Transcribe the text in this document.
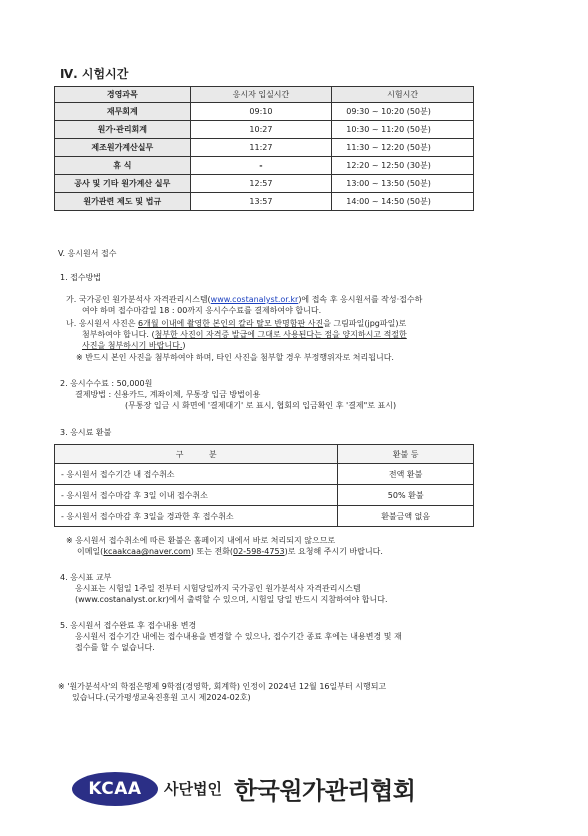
Ⅳ. 시험시간
경영과목	응시자 입실시간	시험시간
재무회계	09:10	09:30 ~ 10:20 (50분)
원가·관리회계	10:27	10:30 ~ 11:20 (50분)
제조원가계산실무	11:27	11:30 ~ 12:20 (50분)
휴 식	-	12:20 ~ 12:50 (30분)
공사 및 기타 원가계산 실무	12:57	13:00 ~ 13:50 (50분)
원가관련 제도 및 법규	13:57	14:00 ~ 14:50 (50분)
V. 응시원서 접수
1. 접수방법
가. 국가공인 원가분석사 자격관리시스템(www.costanalyst.or.kr)에 접속 후 응시원서를 작성·접수하
여야 하며 접수마감일 18 : 00까지 응시수수료를 결제하여야 합니다.
나. 응시원서 사진은 6개월 이내에 촬영한 본인의 칼라 탈모 반명함판 사진을 그림파일(jpg파일)로
첨부하여야 합니다. (첨부한 사진이 자격증 발급에 그대로 사용된다는 점을 양지하시고 적절한
사진을 첨부하시기 바랍니다.)
※ 반드시 본인 사진을 첨부하여야 하며, 타인 사진을 첨부할 경우 부정행위자로 처리됩니다.
2. 응시수수료 : 50,000원
결제방법 : 신용카드, 계좌이체, 무통장 입금 방법이용
(무통장 입금 시 화면에 '결제대기' 로 표시, 협회의 입금확인 후 '결제"로 표시)
3. 응시료 환불
구          분	환불 등
- 응시원서 접수기간 내 접수취소	전액 환불
- 응시원서 접수마감 후 3일 이내 접수취소	50% 환불
- 응시원서 접수마감 후 3일을 경과한 후 접수취소	환불금액 없음
※ 응시원서 접수취소에 따른 환불은 홈페이지 내에서 바로 처리되지 않으므로
이메일(kcaakcaa@naver.com) 또는 전화(02-598-4753)로 요청해 주시기 바랍니다.
4. 응시표 교부
응시표는 시험일 1주일 전부터 시험당일까지 국가공인 원가분석사 자격관리시스템
(www.costanalyst.or.kr)에서 출력할 수 있으며, 시험일 당일 반드시 지참하여야 합니다.
5. 응시원서 접수완료 후 접수내용 변경
응시원서 접수기간 내에는 접수내용을 변경할 수 있으나, 접수기간 종료 후에는 내용변경 및 재
접수를 할 수 없습니다.
※ '원가분석사'의 학점은행제 9학점(경영학, 회계학) 인정이 2024년 12월 16일부터 시행되고
있습니다.(국가평생교육진흥원 고시 제2024-02호)
KCAA	사단법인 한국원가관리협회
